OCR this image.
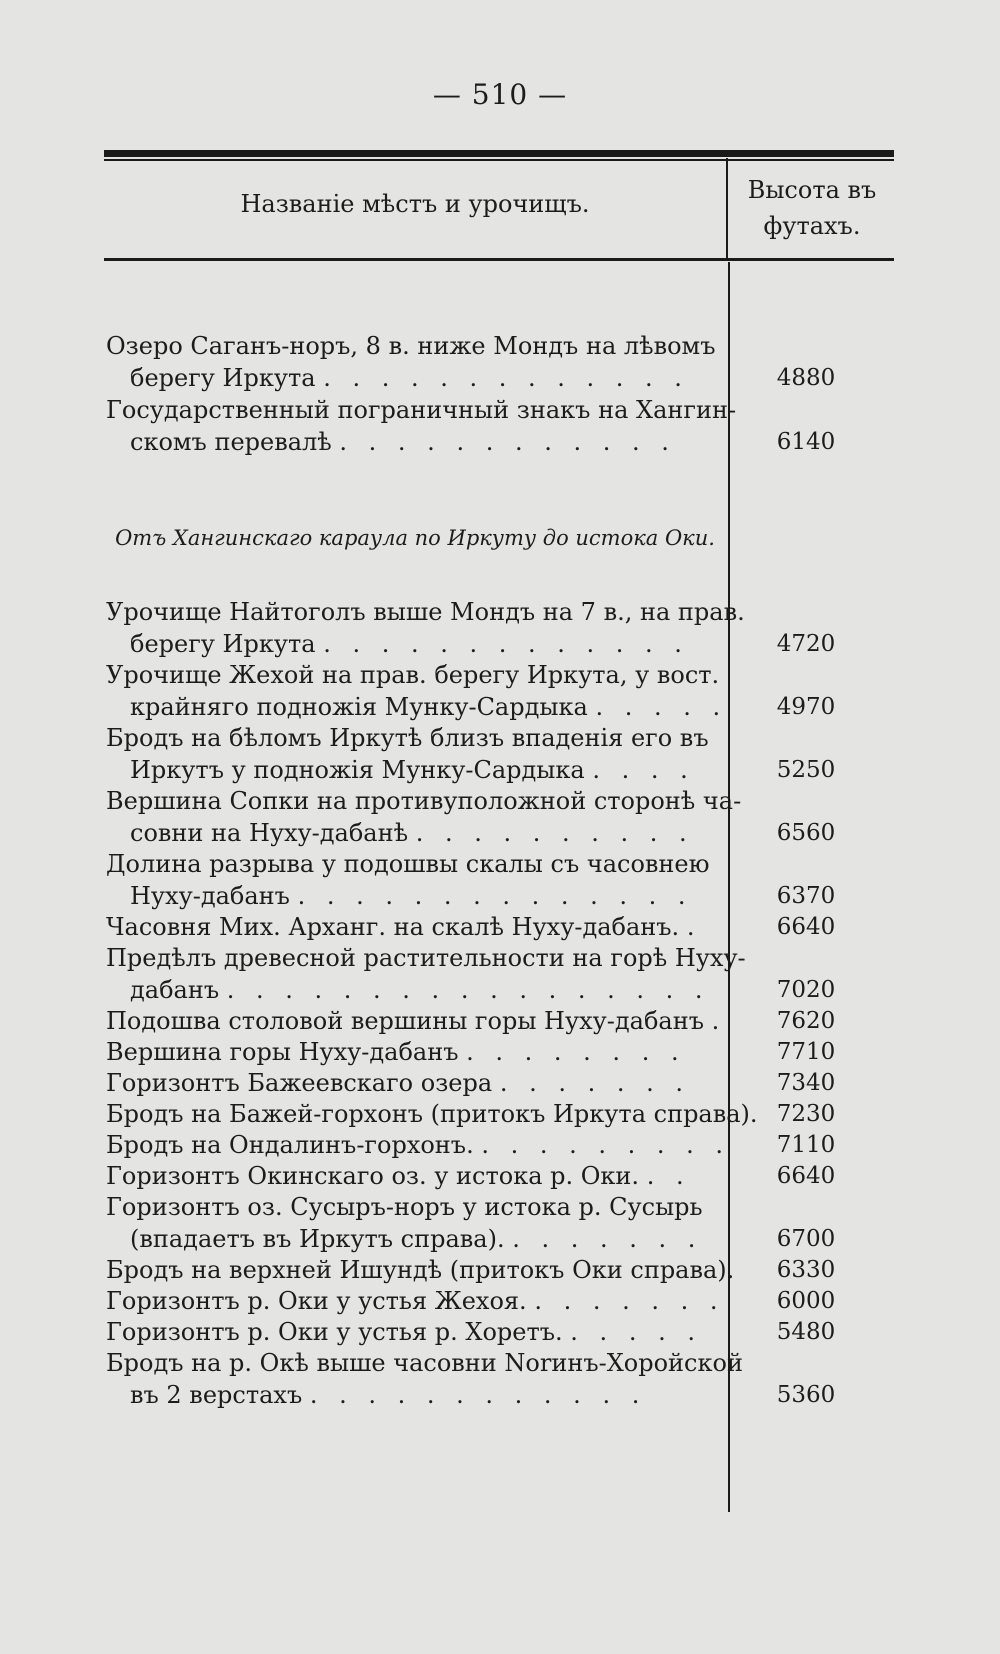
— 510 —
Названіе мѣстъ и урочищъ.	Высота въ
футахъ.
Отъ Хангинскаго караула по Иркуту до истока Оки.
Озеро Саганъ-норъ, 8 в. ниже Мондъ на лѣвомъ
берегу Иркута . . . . . . . . . . . . .	4880
Государственный пограничный знакъ на Хангин-
скомъ перевалѣ . . . . . . . . . . . .	6140
Урочище Найтоголъ выше Мондъ на 7 в., на прав.
берегу Иркута . . . . . . . . . . . . .	4720
Урочище Жехой на прав. берегу Иркута, у вост.
крайняго подножія Мунку-Сардыка . . . . .	4970
Бродъ на бѣломъ Иркутѣ близъ впаденія его въ
Иркутъ у подножія Мунку-Сардыка . . . .	5250
Вершина Сопки на противуположной сторонѣ ча-
совни на Нуху-дабанѣ . . . . . . . . . .	6560
Долина разрыва у подошвы скалы съ часовнею
Нуху-дабанъ . . . . . . . . . . . . . .	6370
Часовня Мих. Арханг. на скалѣ Нуху-дабанъ. .	6640
Предѣлъ древесной растительности на горѣ Нуху-
дабанъ . . . . . . . . . . . . . . . . .	7020
Подошва столовой вершины горы Нуху-дабанъ .	7620
Вершина горы Нуху-дабанъ . . . . . . . .	7710
Горизонтъ Бажеевскаго озера . . . . . . .	7340
Бродъ на Бажей-горхонъ (притокъ Иркута справа). 7230
Бродъ на Ондалинъ-горхонъ. . . . . . . . . .	7110
Горизонтъ Окинскаго оз. у истока р. Оки. . .	6640
Горизонтъ оз. Сусыръ-норъ у истока р. Сусырь
(впадаетъ въ Иркутъ справа). . . . . . . .	6700
Бродъ на верхней Ишундѣ (притокъ Оки справа).	6330
Горизонтъ р. Оки у устья Жехоя. . . . . . . .	6000
Горизонтъ р. Оки у устья р. Хоретъ. . . . . .	5480
Бродъ на р. Окѣ выше часовни Norинъ-Хоройской
въ 2 верстахъ . . . . . . . . . . . .	5360
